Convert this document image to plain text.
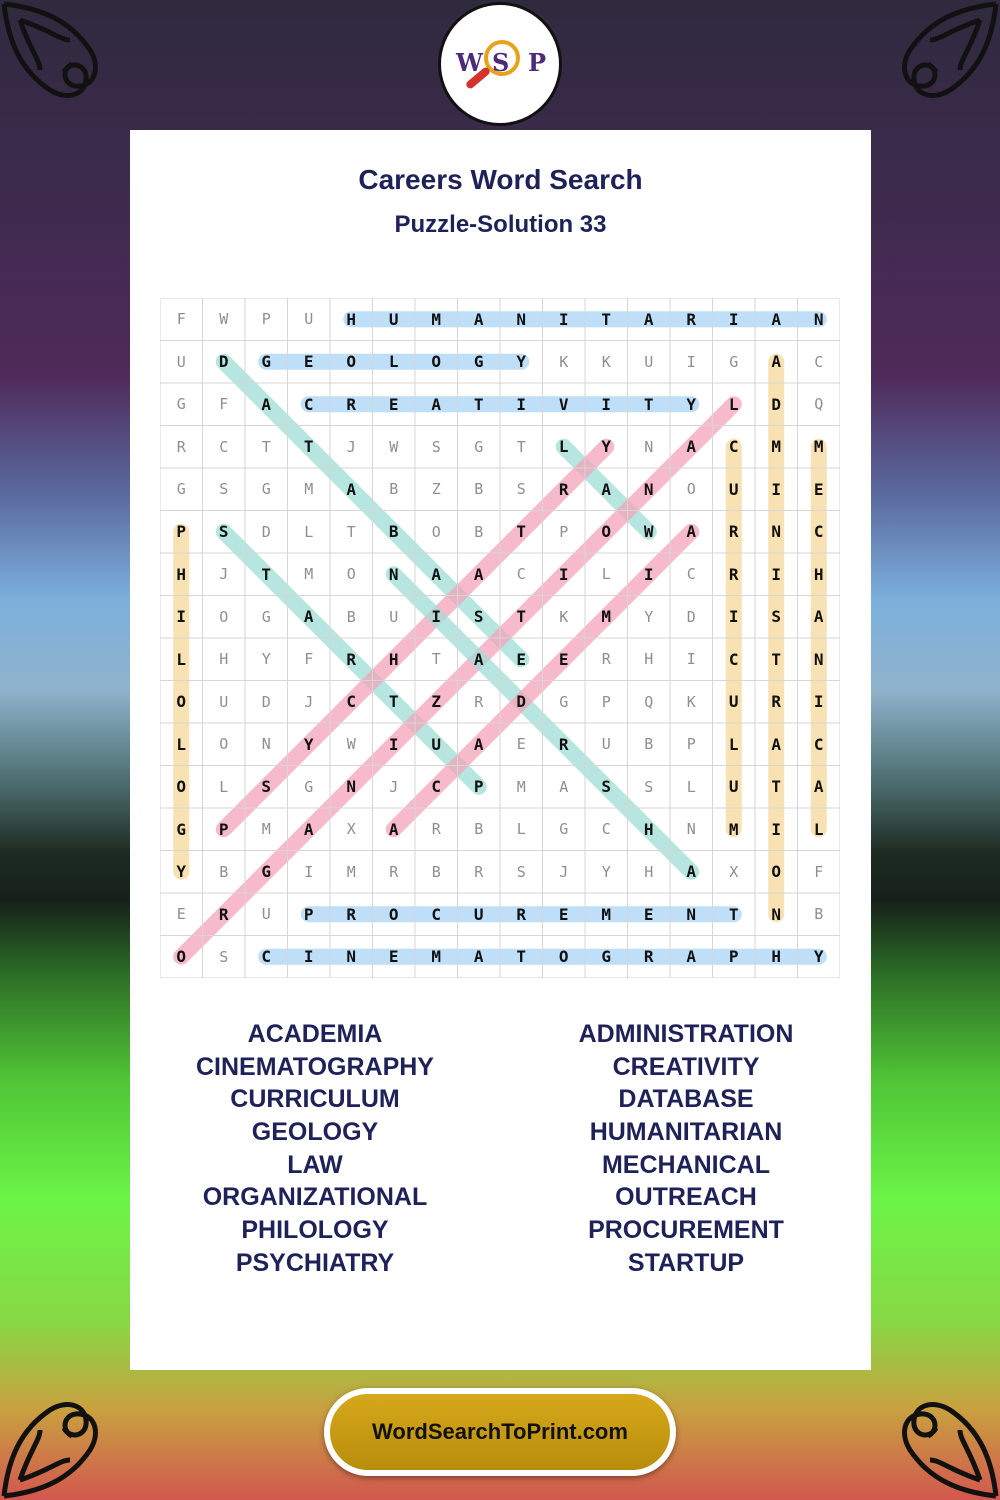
W S P
Careers Word Search
Puzzle-Solution 33
F	W	P	U	H	U	M	A	N	I	T	A	R	I	A	N
U	D	G	E	O	L	O	G	Y	K	K	U	I	G	A	C
G	F	A	C	R	E	A	T	I	V	I	T	Y	L	D	Q
R	C	T	T	J	W	S	G	T	L	Y	N	A	C	M	M
G	S	G	M	A	B	Z	B	S	R	A	N	O	U	I	E
P	S	D	L	T	B	O	B	T	P	O	W	A	R	N	C
H	J	T	M	O	N	A	A	C	I	L	I	C	R	I	H
I	O	G	A	B	U	I	S	T	K	M	Y	D	I	S	A
L	H	Y	F	R	H	T	A	E	E	R	H	I	C	T	N
O	U	D	J	C	T	Z	R	D	G	P	Q	K	U	R	I
L	O	N	Y	W	I	U	A	E	R	U	B	P	L	A	C
O	L	S	G	N	J	C	P	M	A	S	S	L	U	T	A
G	P	M	A	X	A	R	B	L	G	C	H	N	M	I	L
Y	B	G	I	M	R	B	R	S	J	Y	H	A	X	O	F
E	R	U	P	R	O	C	U	R	E	M	E	N	T	N	B
O	S	C	I	N	E	M	A	T	O	G	R	A	P	H	Y
ACADEMIA
CINEMATOGRAPHY
CURRICULUM
GEOLOGY
LAW
ORGANIZATIONAL
PHILOLOGY
PSYCHIATRY
ADMINISTRATION
CREATIVITY
DATABASE
HUMANITARIAN
MECHANICAL
OUTREACH
PROCUREMENT
STARTUP
WordSearchToPrint.com
